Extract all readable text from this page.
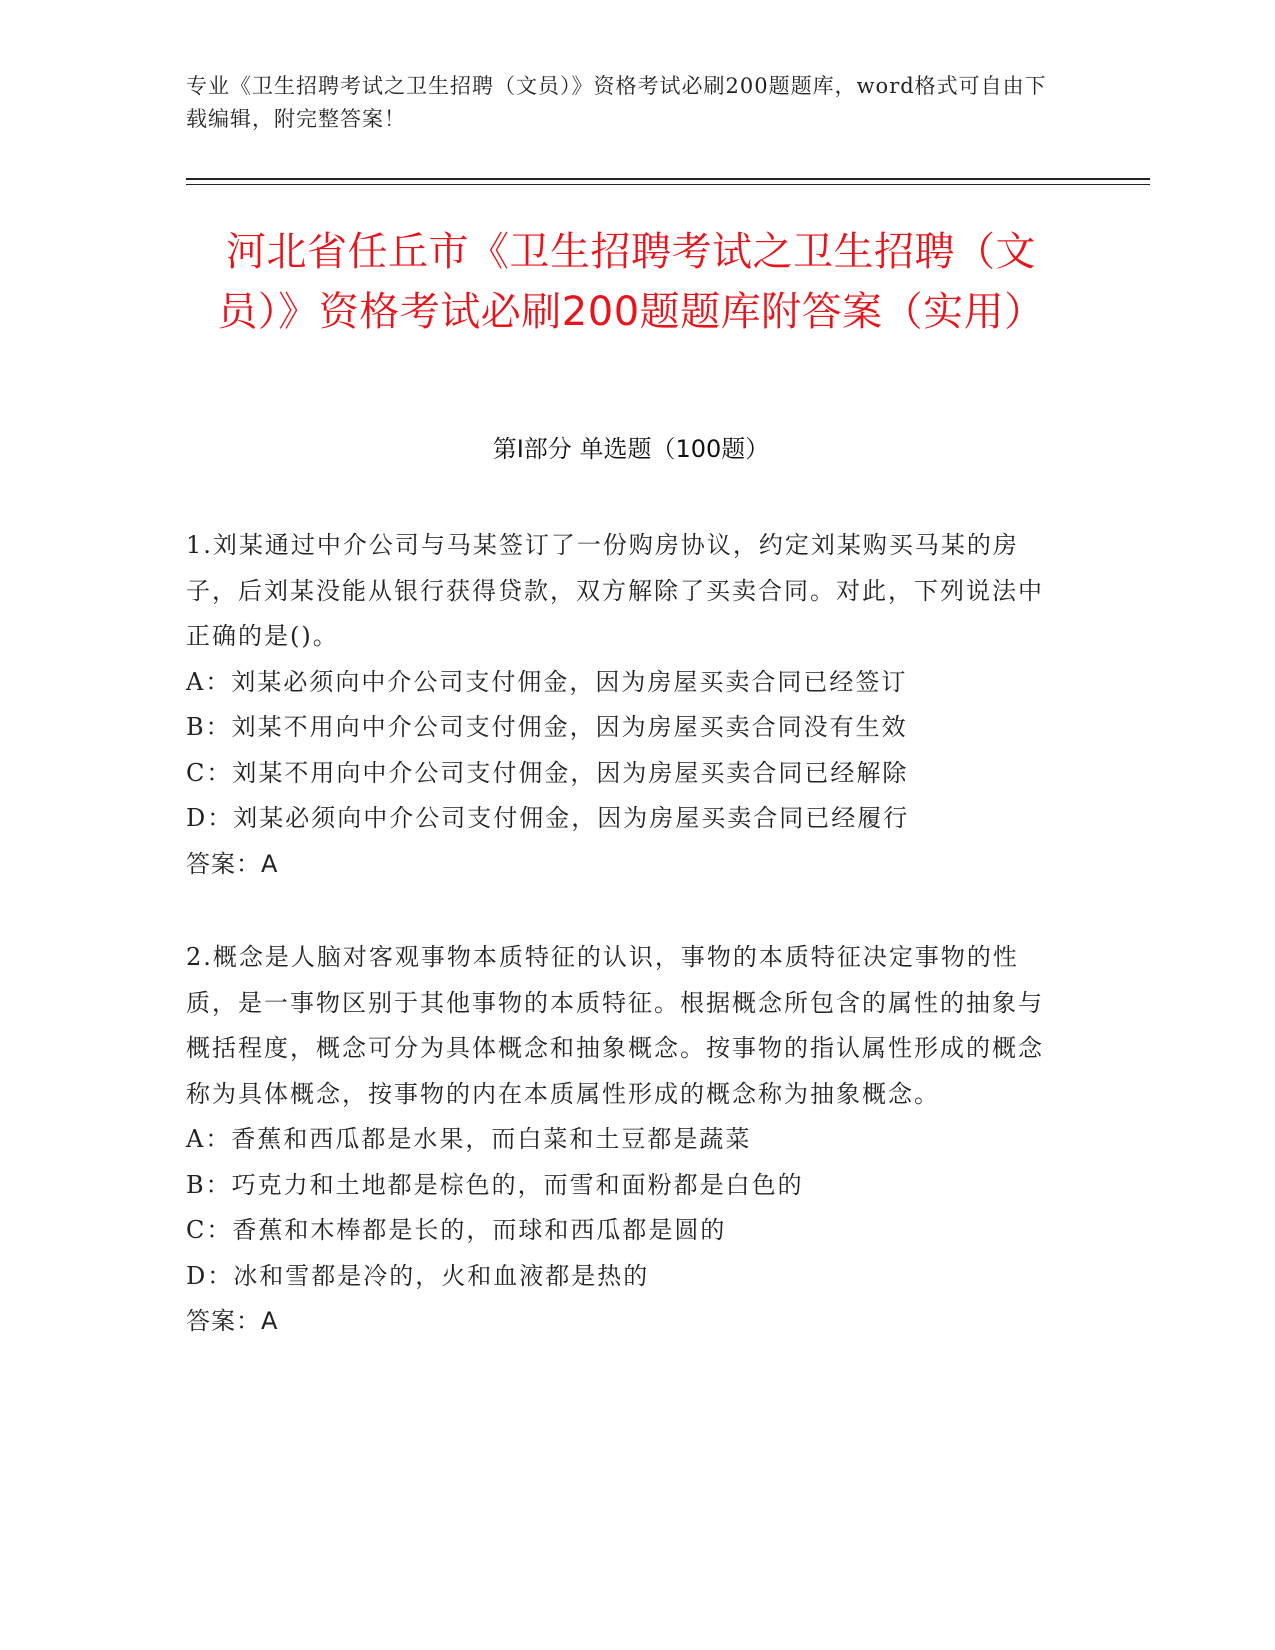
专业《卫生招聘考试之卫生招聘（文员）》资格考试必刷200题题库，word格式可自由下载编辑，附完整答案！
河北省任丘市《卫生招聘考试之卫生招聘（文员）》资格考试必刷200题题库附答案（实用）
第I部分 单选题（100题）

1.刘某通过中介公司与马某签订了一份购房协议，约定刘某购买马某的房子，后刘某没能从银行获得贷款，双方解除了买卖合同。对此，下列说法中正确的是()。

A：刘某必须向中介公司支付佣金，因为房屋买卖合同已经签订

B：刘某不用向中介公司支付佣金，因为房屋买卖合同没有生效

C：刘某不用向中介公司支付佣金，因为房屋买卖合同已经解除

D：刘某必须向中介公司支付佣金，因为房屋买卖合同已经履行

答案：A

2.概念是人脑对客观事物本质特征的认识，事物的本质特征决定事物的性质，是一事物区别于其他事物的本质特征。根据概念所包含的属性的抽象与概括程度，概念可分为具体概念和抽象概念。按事物的指认属性形成的概念称为具体概念，按事物的内在本质属性形成的概念称为抽象概念。

A：香蕉和西瓜都是水果，而白菜和土豆都是蔬菜

B：巧克力和土地都是棕色的，而雪和面粉都是白色的

C：香蕉和木棒都是长的，而球和西瓜都是圆的

D：冰和雪都是冷的，火和血液都是热的

答案：A
